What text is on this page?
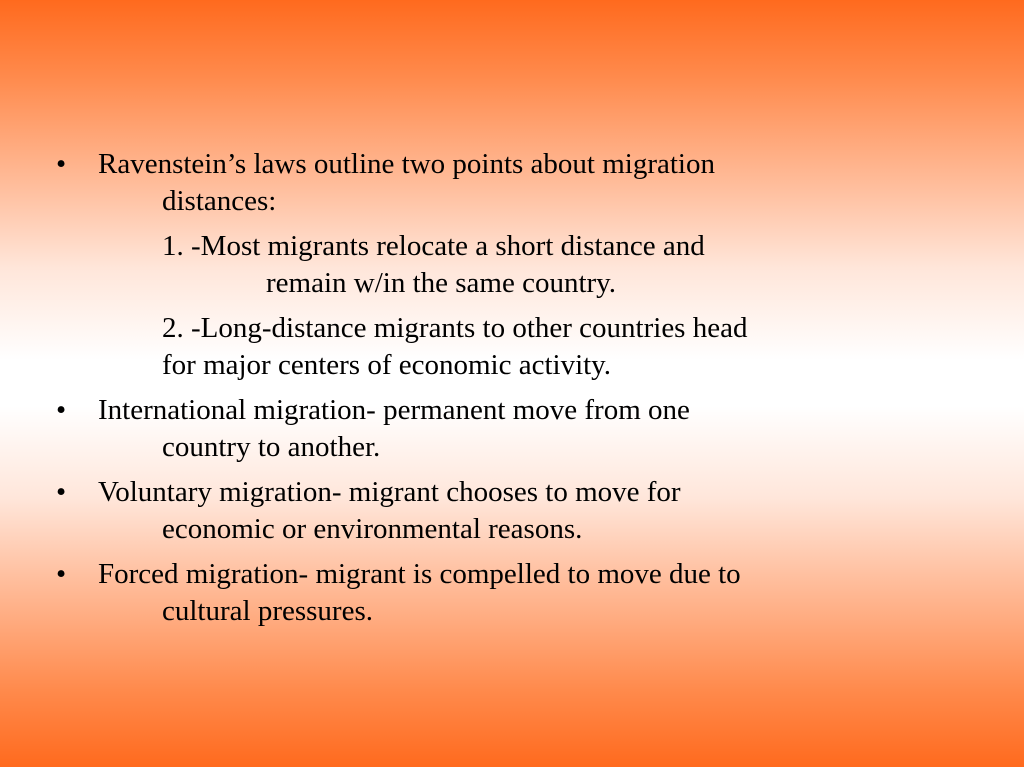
• Ravenstein’s laws outline two points about migration
distances:
1. -Most migrants relocate a short distance and
remain w/in the same country.
2. -Long-distance migrants to other countries head
for major centers of economic activity.
• International migration- permanent move from one
country to another.
• Voluntary migration- migrant chooses to move for
economic or environmental reasons.
• Forced migration- migrant is compelled to move due to
cultural pressures.
